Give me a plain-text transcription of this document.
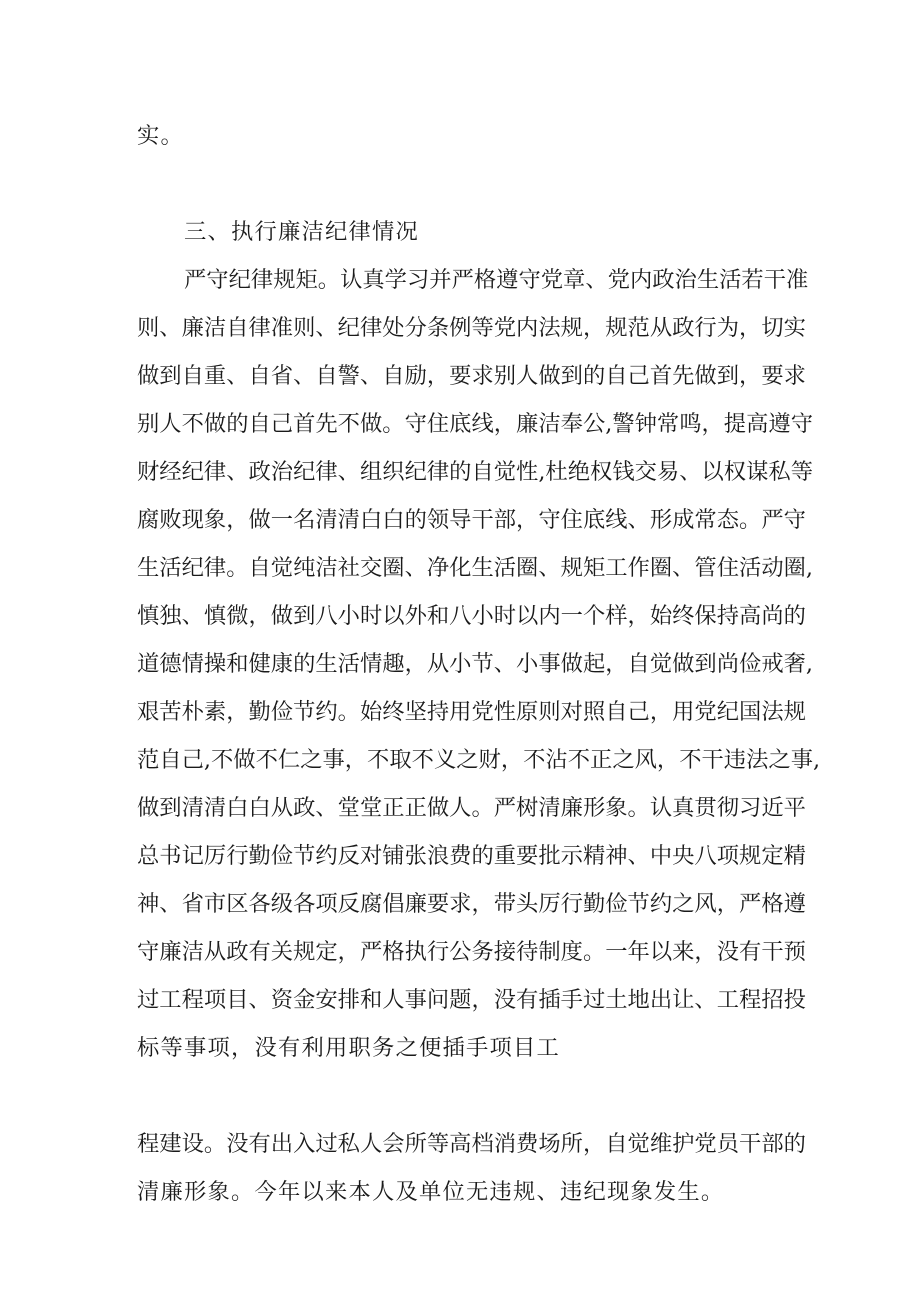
实。
三、执行廉洁纪律情况
严守纪律规矩。认真学习并严格遵守党章、党内政治生活若干准
则、廉洁自律准则、纪律处分条例等党内法规，规范从政行为，切实
做到自重、自省、自警、自励，要求别人做到的自己首先做到，要求
别人不做的自己首先不做。守住底线，廉洁奉公,警钟常鸣，提高遵守
财经纪律、政治纪律、组织纪律的自觉性,杜绝权钱交易、以权谋私等
腐败现象，做一名清清白白的领导干部，守住底线、形成常态。严守
生活纪律。自觉纯洁社交圈、净化生活圈、规矩工作圈、管住活动圈,
慎独、慎微，做到八小时以外和八小时以内一个样，始终保持高尚的
道德情操和健康的生活情趣，从小节、小事做起，自觉做到尚俭戒奢,
艰苦朴素，勤俭节约。始终坚持用党性原则对照自己，用党纪国法规
范自己,不做不仁之事，不取不义之财，不沾不正之风，不干违法之事,
做到清清白白从政、堂堂正正做人。严树清廉形象。认真贯彻习近平
总书记厉行勤俭节约反对铺张浪费的重要批示精神、中央八项规定精
神、省市区各级各项反腐倡廉要求，带头厉行勤俭节约之风，严格遵
守廉洁从政有关规定，严格执行公务接待制度。一年以来，没有干预
过工程项目、资金安排和人事问题，没有插手过土地出让、工程招投
标等事项，没有利用职务之便插手项目工
程建设。没有出入过私人会所等高档消费场所，自觉维护党员干部的
清廉形象。今年以来本人及单位无违规、违纪现象发生。
